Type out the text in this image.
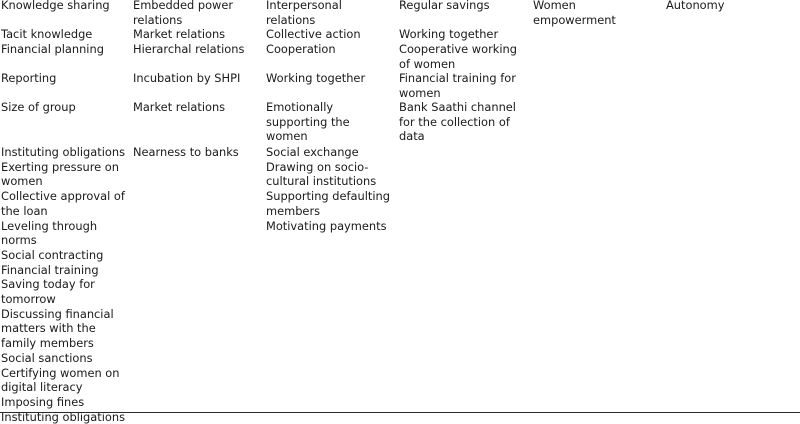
Knowledge sharing
Tacit knowledge
Financial planning
Reporting
Size of group
Instituting obligations
Exerting pressure on women
Collective approval of the loan
Leveling through norms
Social contracting
Financial training
Saving today for tomorrow
Discussing financial matters with the family members
Social sanctions
Certifying women on digital literacy
Imposing fines
Instituting obligations
Embedded power relations
Market relations
Hierarchal relations
Incubation by SHPI
Market relations
Nearness to banks
Interpersonal relations
Collective action
Cooperation
Working together
Emotionally supporting the women
Social exchange
Drawing on socio-cultural institutions
Supporting defaulting members
Motivating payments
Regular savings
Working together
Cooperative working of women
Financial training for women
Bank Saathi channel for the collection of data
Women empowerment
Autonomy
